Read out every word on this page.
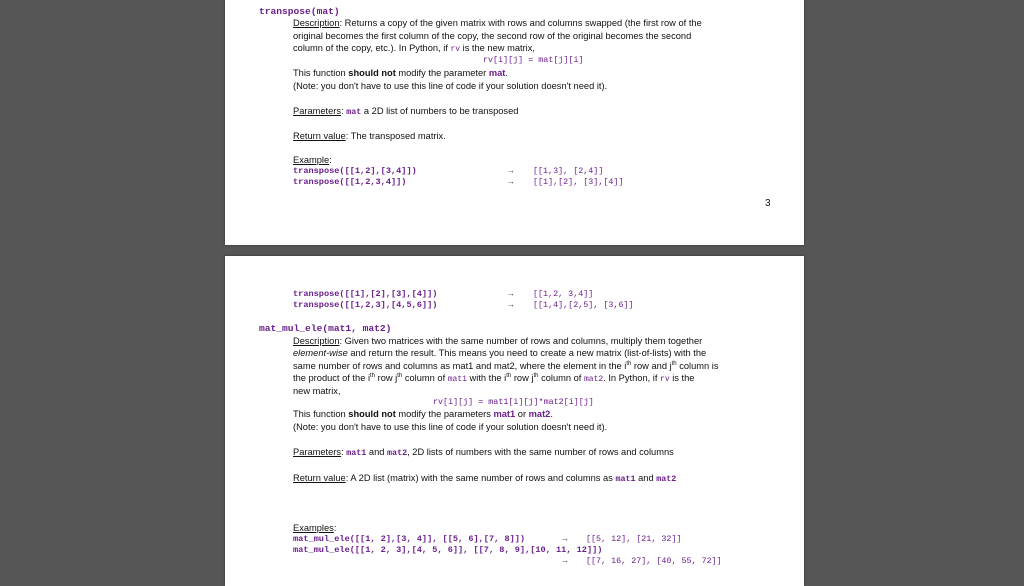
transpose(mat)
Description: Returns a copy of the given matrix with rows and columns swapped (the first row of the
original becomes the first column of the copy, the second row of the original becomes the second
column of the copy, etc.). In Python, if rv is the new matrix,
rv[i][j] = mat[j][i]
This function should not modify the parameter mat.
(Note: you don't have to use this line of code if your solution doesn't need it).
Parameters: mat a 2D list of numbers to be transposed
Return value: The transposed matrix.
Example:
transpose([[1,2],[3,4]])	→ [[1,3], [2,4]]
transpose([[1,2,3,4]])	→ [[1],[2], [3],[4]]
3
transpose([[1],[2],[3],[4]])	→ [[1,2, 3,4]]
transpose([[1,2,3],[4,5,6]])	→ [[1,4],[2,5], [3,6]]
mat_mul_ele(mat1, mat2)
Description: Given two matrices with the same number of rows and columns, multiply them together
element-wise and return the result. This means you need to create a new matrix (list-of-lists) with the
same number of rows and columns as mat1 and mat2, where the element in the $i^{th}$ row and $j^{th}$ column is
the product of the $i^{th}$ row $j^{th}$ column of mat1 with the $i^{th}$ row $j^{th}$ column of mat2. In Python, if rv is the
new matrix,
rv[i][j] = mat1[i][j]*mat2[i][j]
This function should not modify the parameters mat1 or mat2.
(Note: you don't have to use this line of code if your solution doesn't need it).
Parameters: mat1 and mat2, 2D lists of numbers with the same number of rows and columns
Return value: A 2D list (matrix) with the same number of rows and columns as mat1 and mat2
Examples:
mat_mul_ele([[1, 2],[3, 4]], [[5, 6],[7, 8]])	→ [[5, 12], [21, 32]]
mat_mul_ele([[1, 2, 3],[4, 5, 6]], [[7, 8, 9],[10, 11, 12]])
→ [[7, 16, 27], [40, 55, 72]]
